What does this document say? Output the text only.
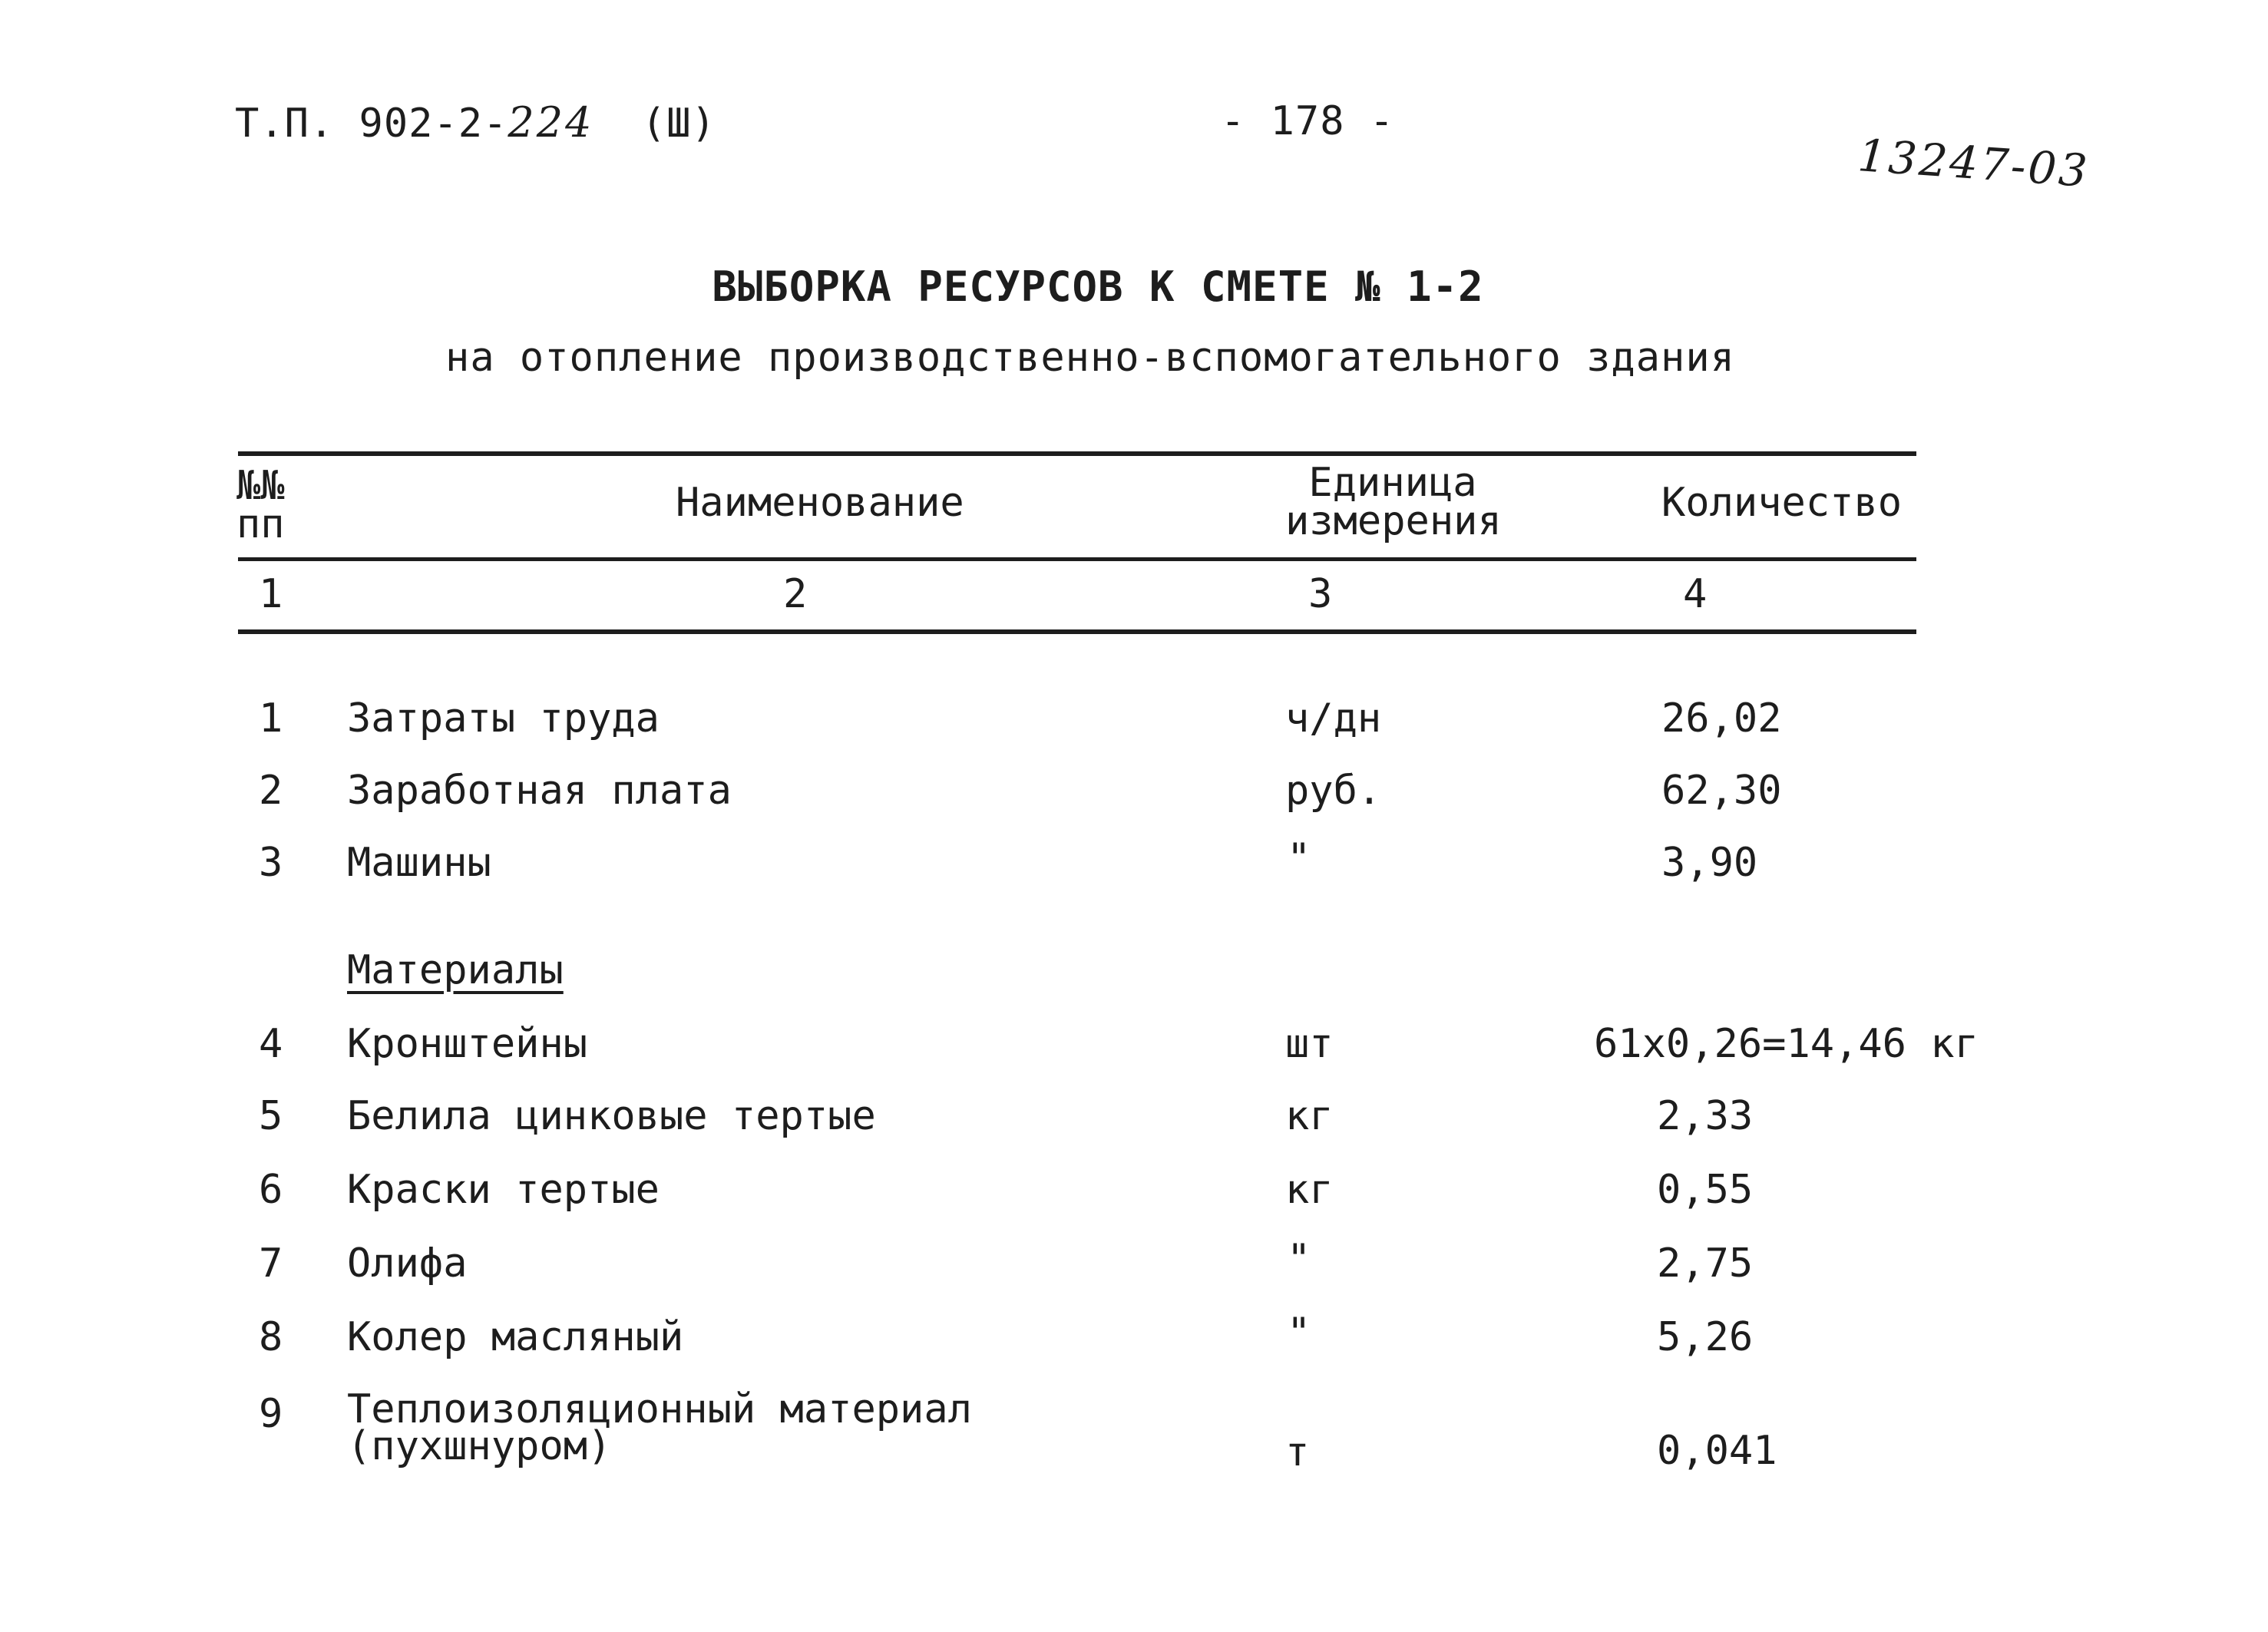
Т.П. 902-2-224 (Ш)	- 178 -
13247-03
ВЫБОРКА РЕСУРСОВ К СМЕТЕ № 1-2
на отопление производственно-вспомогательного здания
№№
пп	Наименование	Единица
измерения	Количество
1	2	3	4
1 Затраты труда	ч/дн	26,02
2 Заработная плата	руб.	62,30
3 Машины	"	3,90
Материалы
4 Кронштейны	шт	61х0,26=14,46 кг
5 Белила цинковые тертые	кг	2,33
6 Краски тертые	кг	0,55
7 Олифа	"	2,75
8 Колер масляный	"	5,26
9 Теплоизоляционный материал
(пухшнуром)	т	0,041
